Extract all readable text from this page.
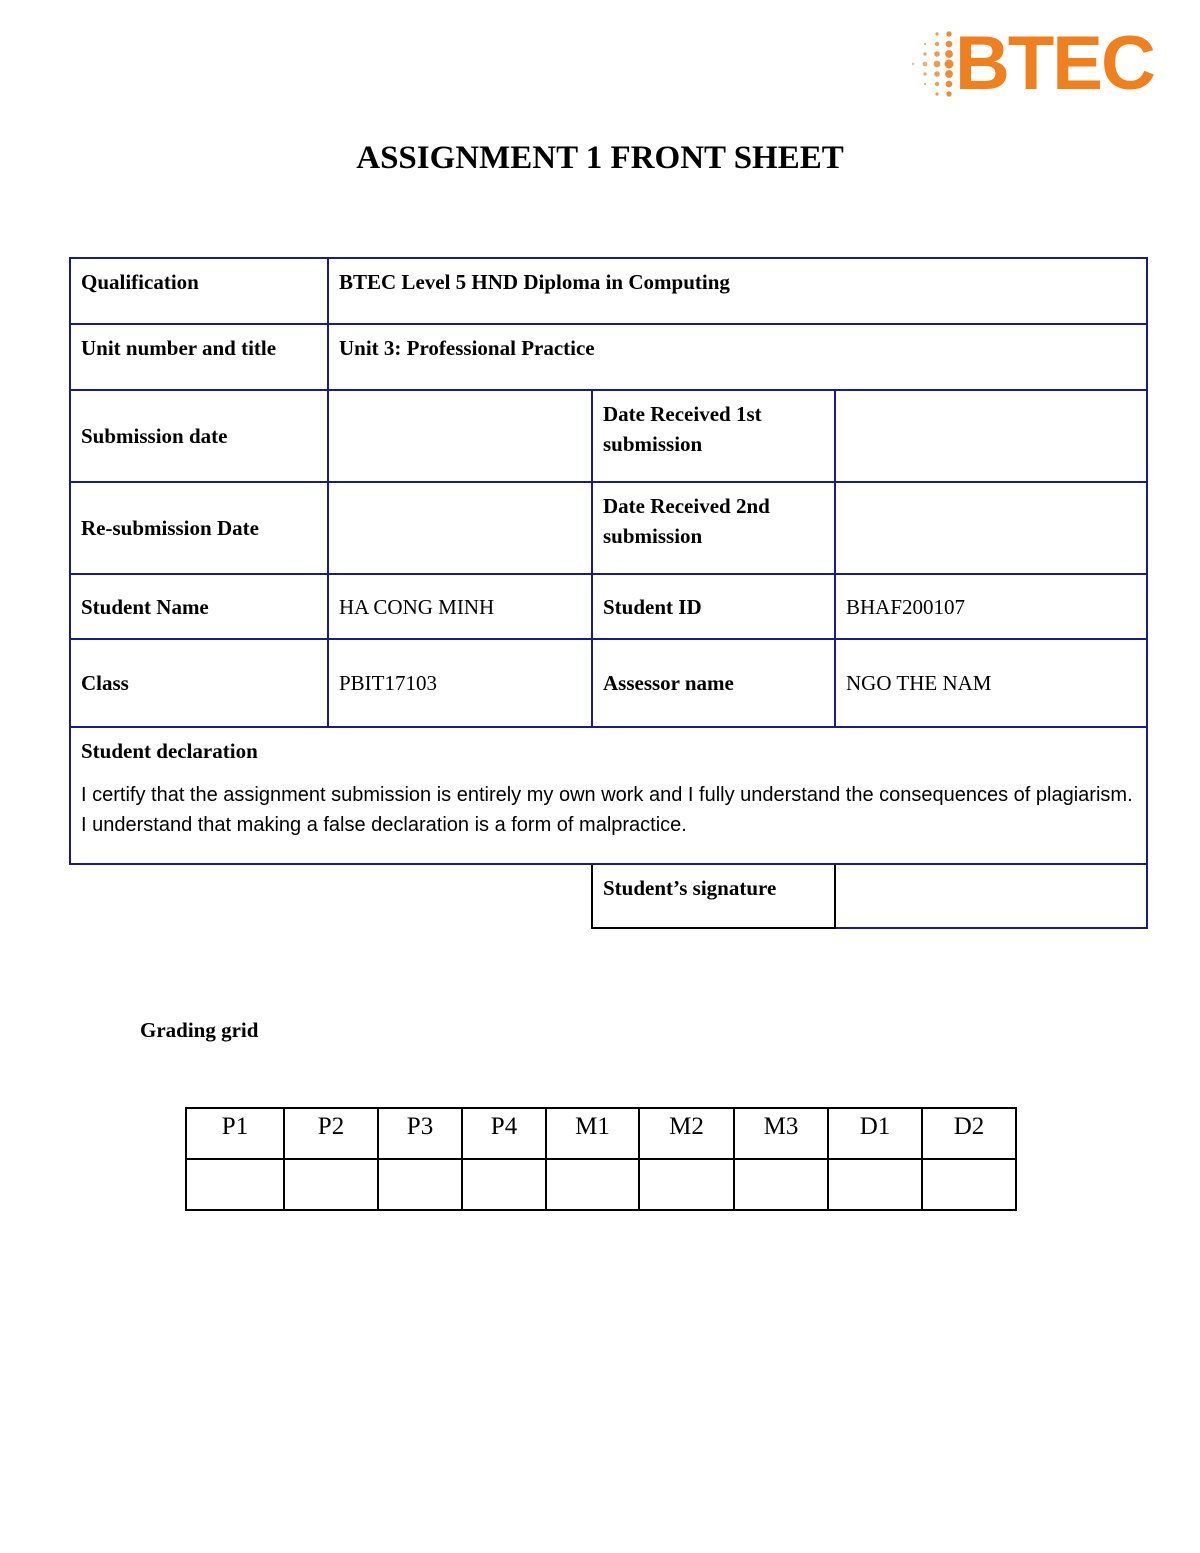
BTEC
ASSIGNMENT 1 FRONT SHEET
Qualification	BTEC Level 5 HND Diploma in Computing		
Unit number and title	Unit 3: Professional Practice		
Submission date		Date Received 1st submission	
Re-submission Date		Date Received 2nd submission	
Student Name	HA CONG MINH	Student ID	BHAF200107
Class	PBIT17103	Assessor name	NGO THE NAM

Student declaration
I certify that the assignment submission is entirely my own work and I fully understand the consequences of plagiarism. I understand that making a false declaration is a form of malpractice.			

		Student’s signature	
Grading grid
P1	P2	P3	P4	M1	M2	M3	D1	D2
